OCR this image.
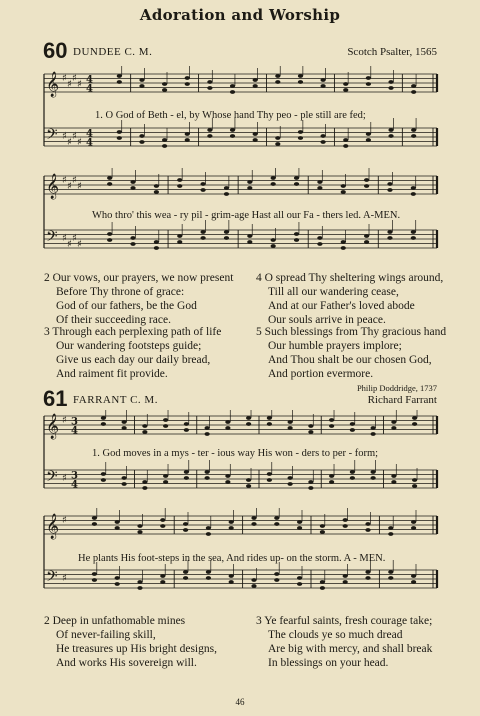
Adoration and Worship
60 DUNDEE C. M.	Scotch Psalter, 1565
𝄞
𝄢
♯
♯
♯
♯
♯
♯
♯
♯
4
4
4
4
1. O God of Beth - el, by Whose hand Thy peo - ple still are fed;
𝄞
𝄢
♯
♯
♯
♯
♯
♯
♯
♯
Who thro' this wea - ry pil - grim-age Hast all our Fa - thers led. A-MEN.
2 Our vows, our prayers, we now present
Before Thy throne of grace:
God of our fathers, be the God
Of their succeeding race.
3 Through each perplexing path of life
Our wandering footsteps guide;
Give us each day our daily bread,
And raiment fit provide.
4 O spread Thy sheltering wings around,
Till all our wandering cease,
And at our Father's loved abode
Our souls arrive in peace.
5 Such blessings from Thy gracious hand
Our humble prayers implore;
And Thou shalt be our chosen God,
And portion evermore.
Philip Doddridge, 1737
61 FARRANT C. M.	Richard Farrant
𝄞
𝄢
♯
♯
3
4
3
4
1. God moves in a mys - ter - ious way His won - ders to per - form;
𝄞
𝄢
♯
♯
He plants His foot-steps in the sea, And rides up- on the storm. A - MEN.
2 Deep in unfathomable mines
Of never-failing skill,
He treasures up His bright designs,
And works His sovereign will.
3 Ye fearful saints, fresh courage take;
The clouds ye so much dread
Are big with mercy, and shall break
In blessings on your head.
46
